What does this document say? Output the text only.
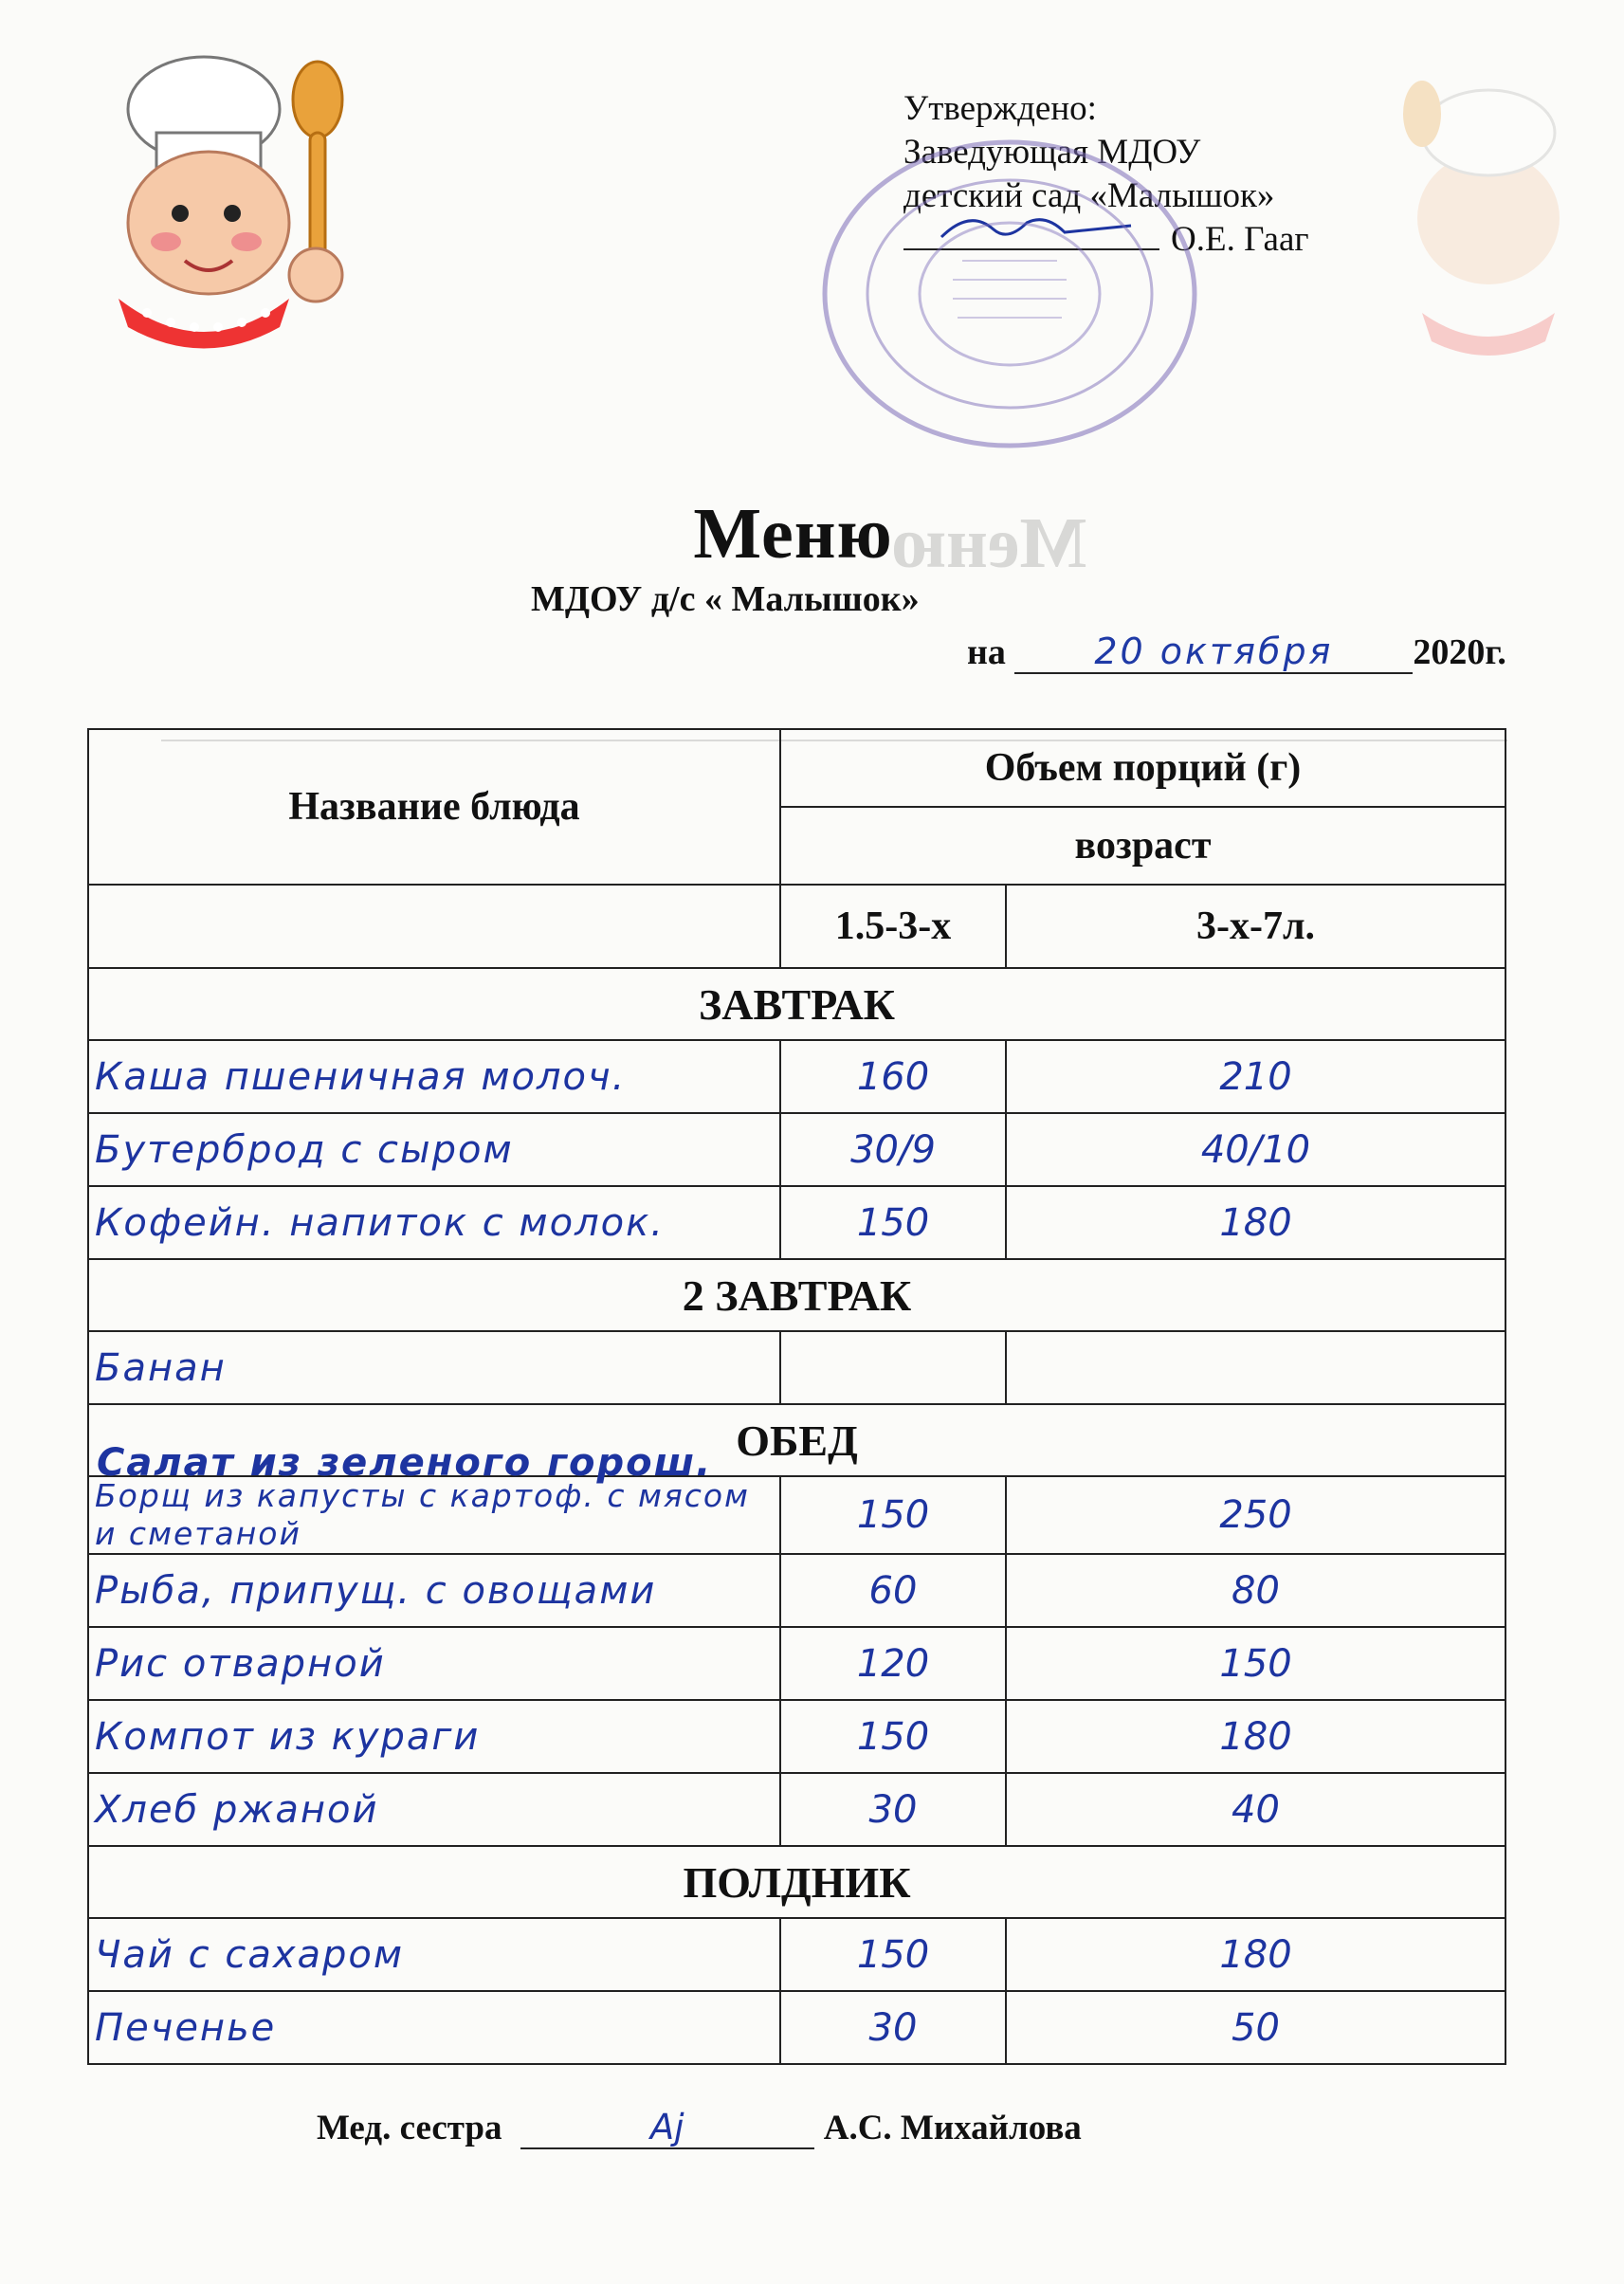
Меню
Утверждено:
Заведующая МДОУ
детский сад «Малышок»
О.Е. Гааг
Меню
МДОУ д/с « Малышок»
на 20 октября 2020г.
Название блюда	Объем порций (г)	
	возраст	
	1.5-3-х	3-х-7л.
ЗАВТРАК		
Каша пшеничная молоч.	160	210
Бутерброд с сыром	30/9	40/10
Кофейн. напиток с молок.	150	180
2 ЗАВТРАК		
Банан		
ОБЕД
Салат из зеленого горош.		

Борщ из капусты с картоф. с мясом и сметаной	150	250
Рыба, припущ. с овощами	60	80
Рис отварной	120	150
Компот из кураги	150	180
Хлеб ржаной	30	40
ПОЛДНИК		
Чай с сахаром	150	180
Печенье	30	50
Мед. сестра	Ај	А.С. Михайлова
